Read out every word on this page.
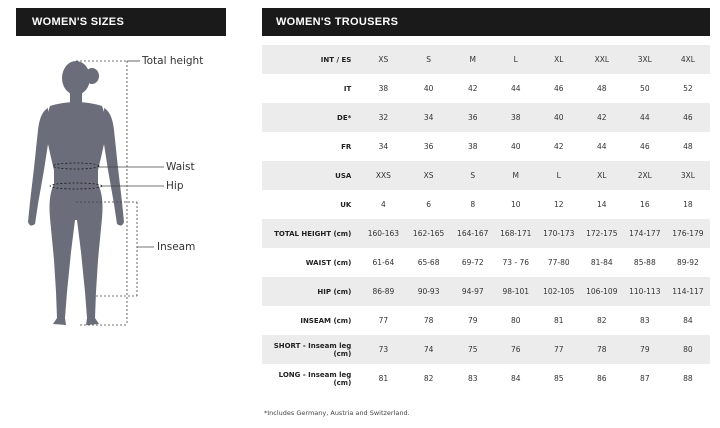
WOMEN'S SIZES
Total height
Waist
Hip
Inseam
WOMEN'S TROUSERS
INT / ES	XS	S	M	L	XL	XXL	3XL	4XL
IT	38	40	42	44	46	48	50	52
DE*	32	34	36	38	40	42	44	46
FR	34	36	38	40	42	44	46	48
USA	XXS	XS	S	M	L	XL	2XL	3XL
UK	4	6	8	10	12	14	16	18
TOTAL HEIGHT (cm)	160-163	162-165	164-167	168-171	170-173	172-175	174-177	176-179
WAIST (cm)	61-64	65-68	69-72	73 - 76	77-80	81-84	85-88	89-92
HIP (cm)	86-89	90-93	94-97	98-101	102-105	106-109	110-113	114-117
INSEAM (cm)	77	78	79	80	81	82	83	84
SHORT - Inseam leg (cm)	73	74	75	76	77	78	79	80
LONG - Inseam leg (cm)	81	82	83	84	85	86	87	88
*Includes Germany, Austria and Switzerland.
